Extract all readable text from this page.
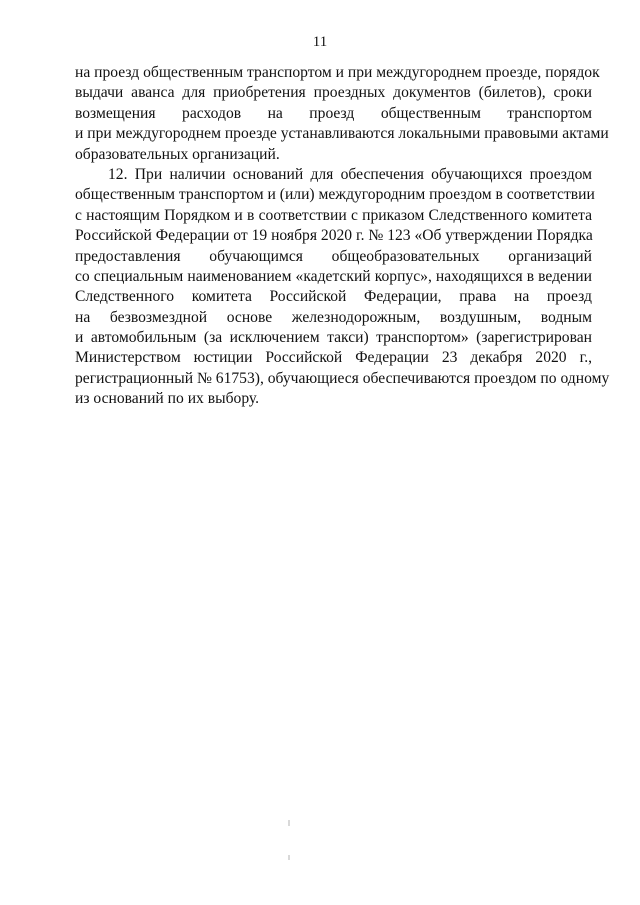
11
на проезд общественным транспортом и при междугороднем проезде, порядок
выдачи аванса для приобретения проездных документов (билетов), сроки
возмещения расходов на проезд общественным транспортом
и при междугороднем проезде устанавливаются локальными правовыми актами
образовательных организаций.
12. При наличии оснований для обеспечения обучающихся проездом
общественным транспортом и (или) междугородним проездом в соответствии
с настоящим Порядком и в соответствии с приказом Следственного комитета
Российской Федерации от 19 ноября 2020 г. № 123 «Об утверждении Порядка
предоставления обучающимся общеобразовательных организаций
со специальным наименованием «кадетский корпус», находящихся в ведении
Следственного комитета Российской Федерации, права на проезд
на безвозмездной основе железнодорожным, воздушным, водным
и автомобильным (за исключением такси) транспортом» (зарегистрирован
Министерством юстиции Российской Федерации 23 декабря 2020 г.,
регистрационный № 61753), обучающиеся обеспечиваются проездом по одному
из оснований по их выбору.
